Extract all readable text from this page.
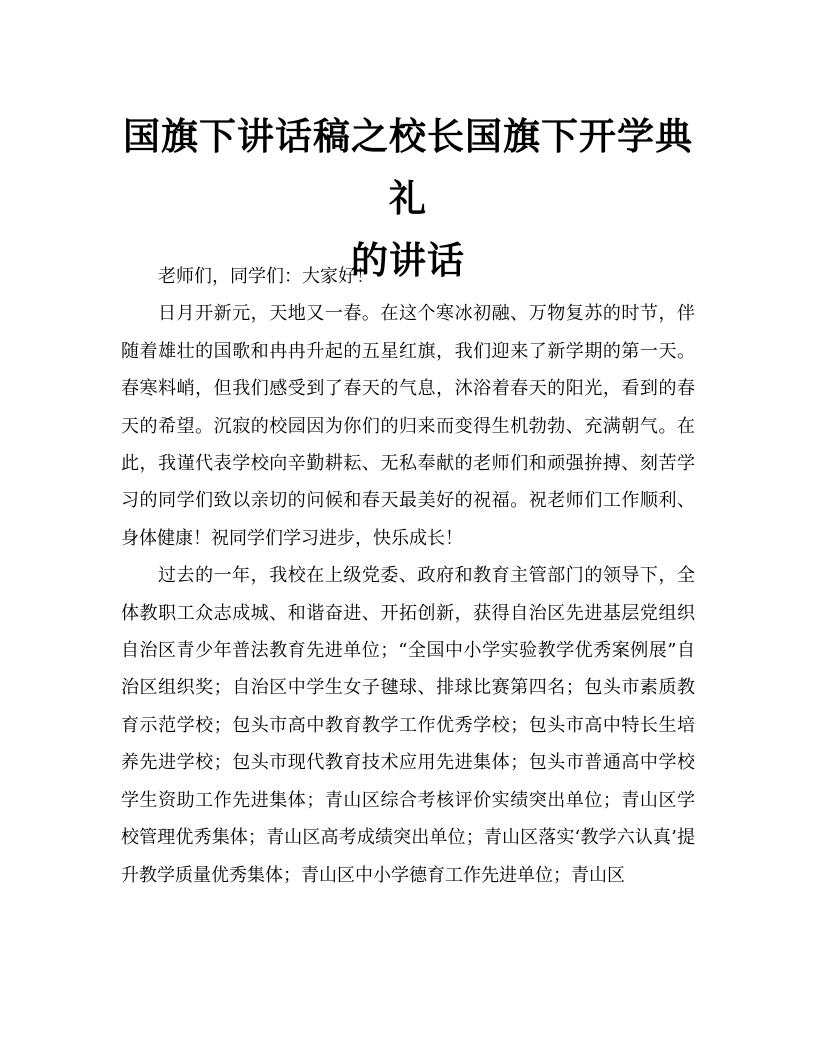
国旗下讲话稿之校长国旗下开学典礼
的讲话

老师们，同学们：大家好！

日月开新元，天地又一春。在这个寒冰初融、万物复苏的时节，伴随着雄壮的国歌和冉冉升起的五星红旗，我们迎来了新学期的第一天。春寒料峭，但我们感受到了春天的气息，沐浴着春天的阳光，看到的春天的希望。沉寂的校园因为你们的归来而变得生机勃勃、充满朝气。在此，我谨代表学校向辛勤耕耘、无私奉献的老师们和顽强拚搏、刻苦学习的同学们致以亲切的问候和春天最美好的祝福。祝老师们工作顺利、身体健康！祝同学们学习进步，快乐成长！

过去的一年，我校在上级党委、政府和教育主管部门的领导下，全体教职工众志成城、和谐奋进、开拓创新，获得自治区先进基层党组织自治区青少年普法教育先进单位；“全国中小学实验教学优秀案例展”自治区组织奖；自治区中学生女子毽球、排球比赛第四名；包头市素质教育示范学校；包头市高中教育教学工作优秀学校；包头市高中特长生培养先进学校；包头市现代教育技术应用先进集体；包头市普通高中学校学生资助工作先进集体；青山区综合考核评价实绩突出单位；青山区学校管理优秀集体；青山区高考成绩突出单位；青山区落实‘教学六认真’提升教学质量优秀集体；青山区中小学德育工作先进单位；青山区
